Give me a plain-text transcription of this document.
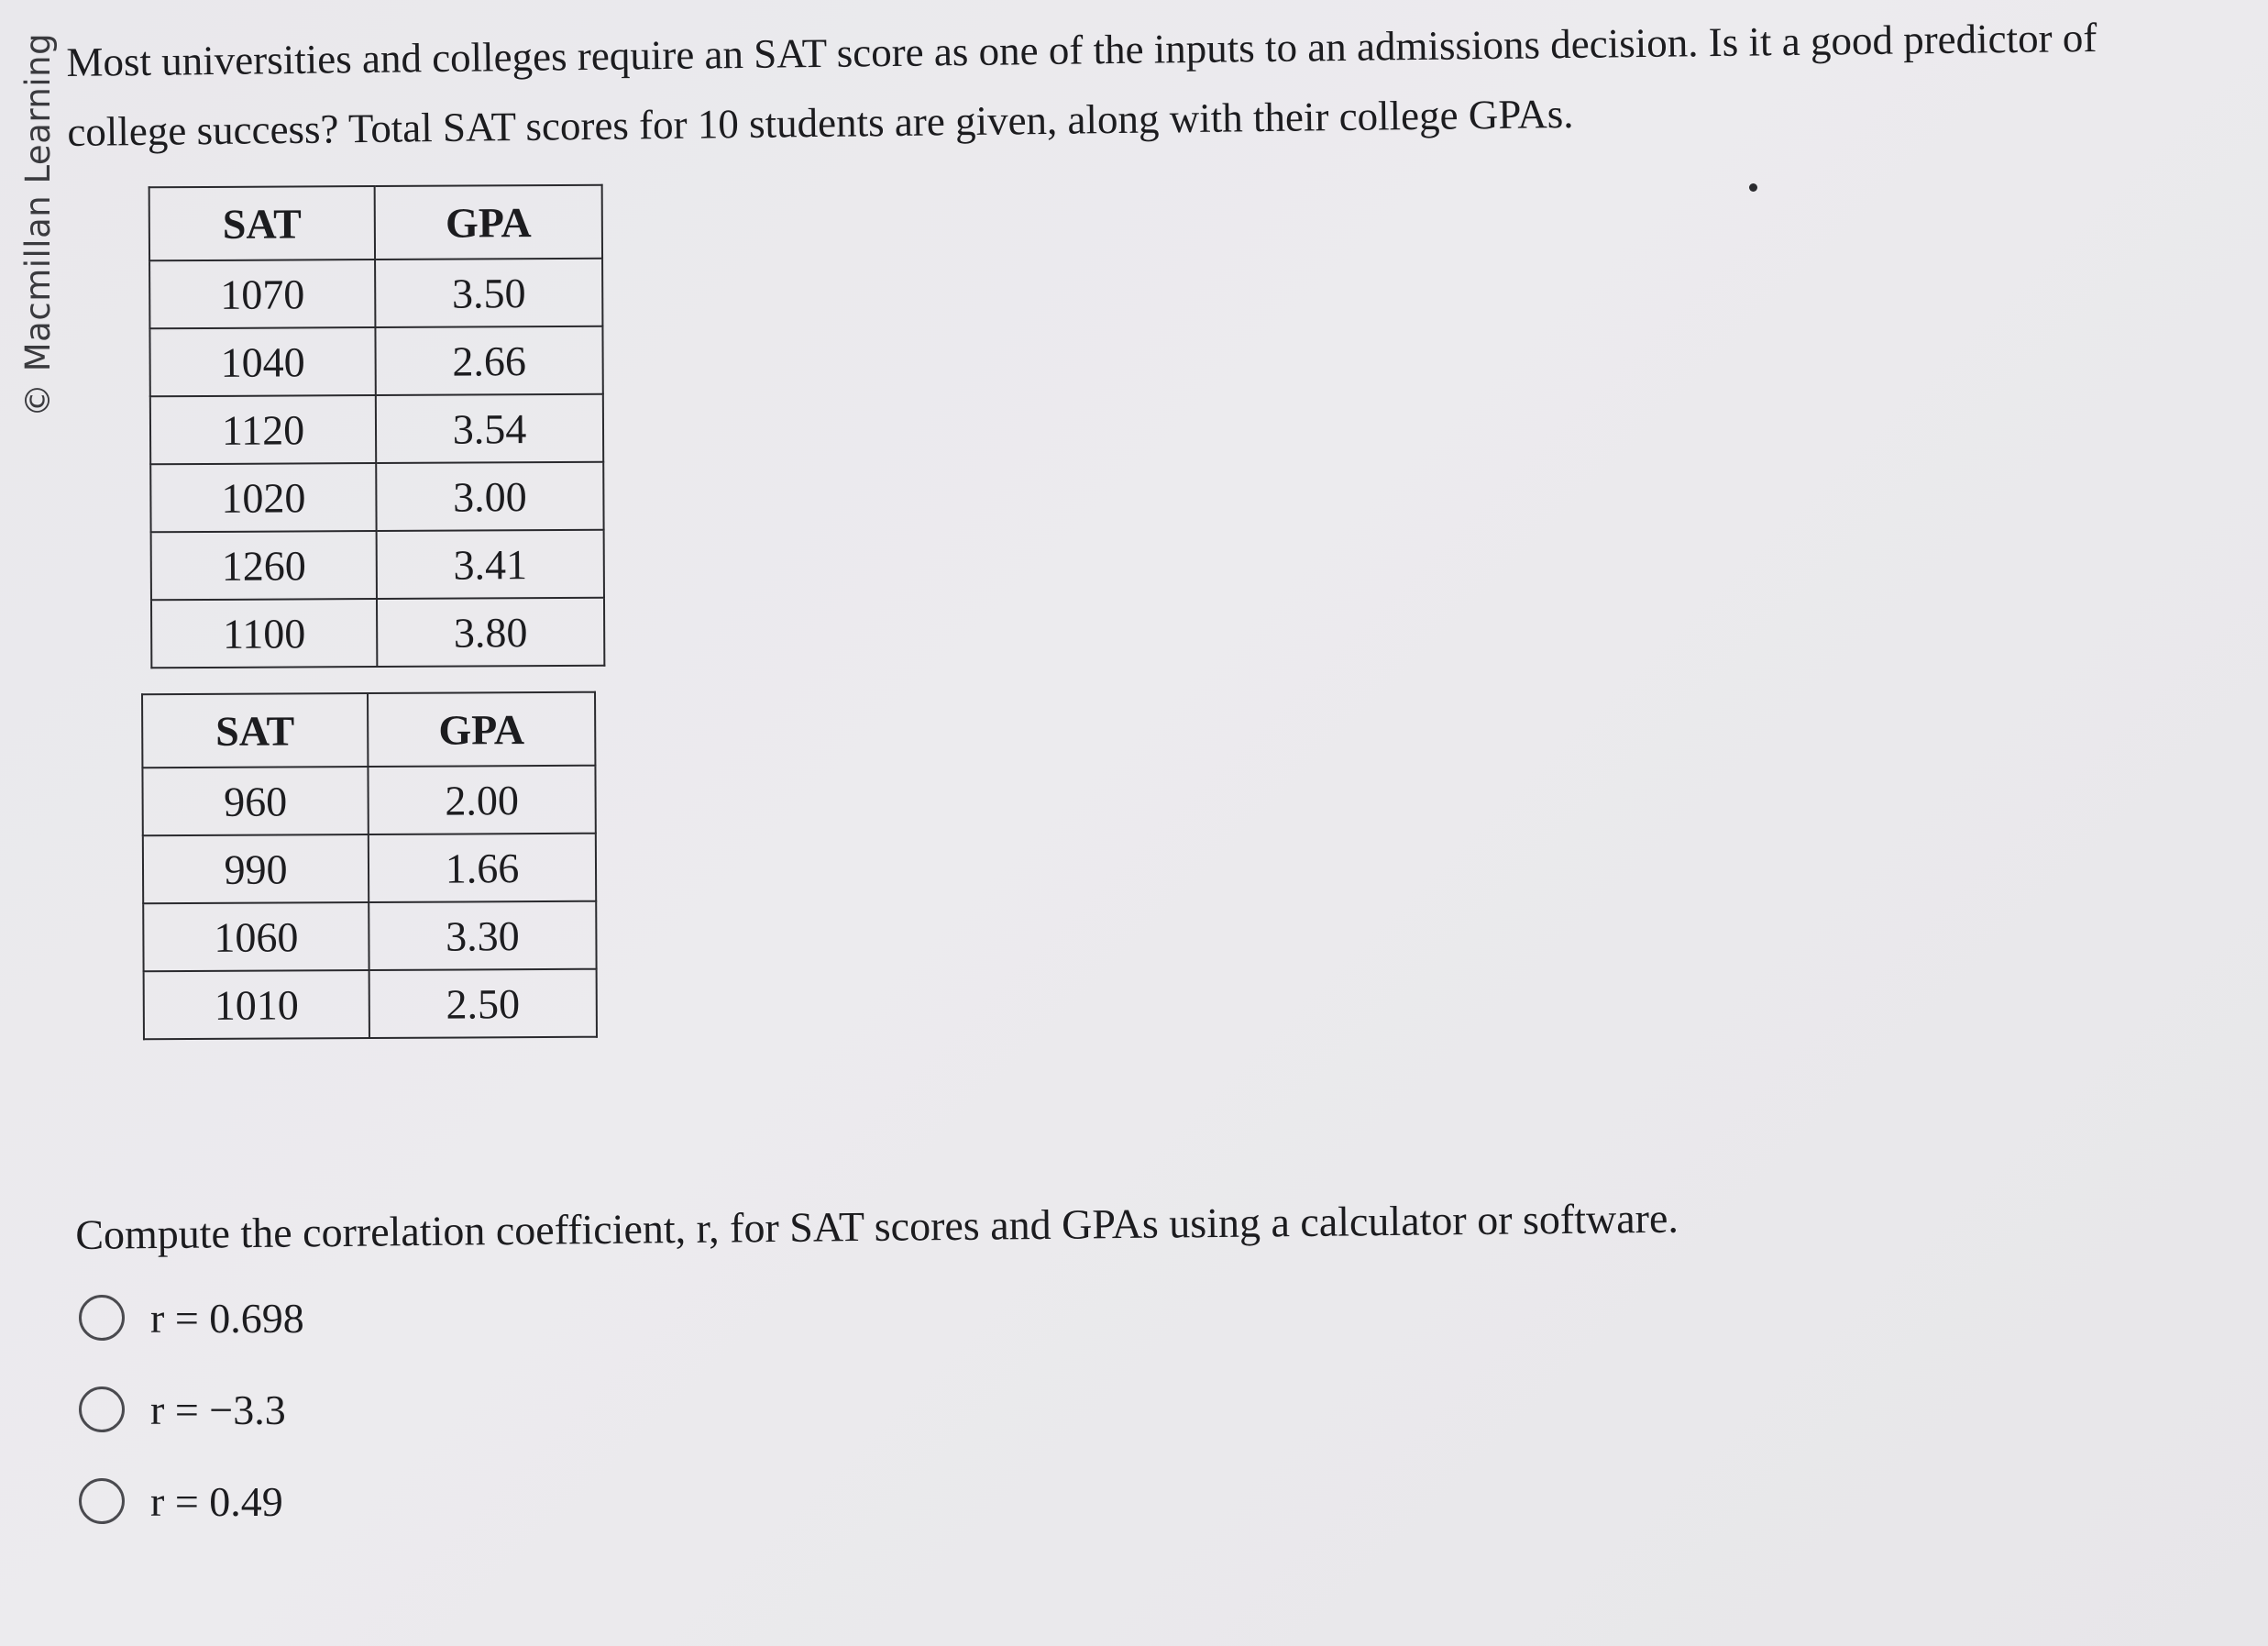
© Macmillan Learning Most universities and colleges require an SAT score as one of the inputs to an admissions decision. Is it a good predictor of college success? Total SAT scores for 10 students are given, along with their college GPAs.
SAT	GPA
1070	3.50
1040	2.66
1120	3.54
1020	3.00
1260	3.41
1100	3.80
SAT	GPA
960	2.00
990	1.66
1060	3.30
1010	2.50
Compute the correlation coefficient, r, for SAT scores and GPAs using a calculator or software.
r = 0.698
r = −3.3
r = 0.49
